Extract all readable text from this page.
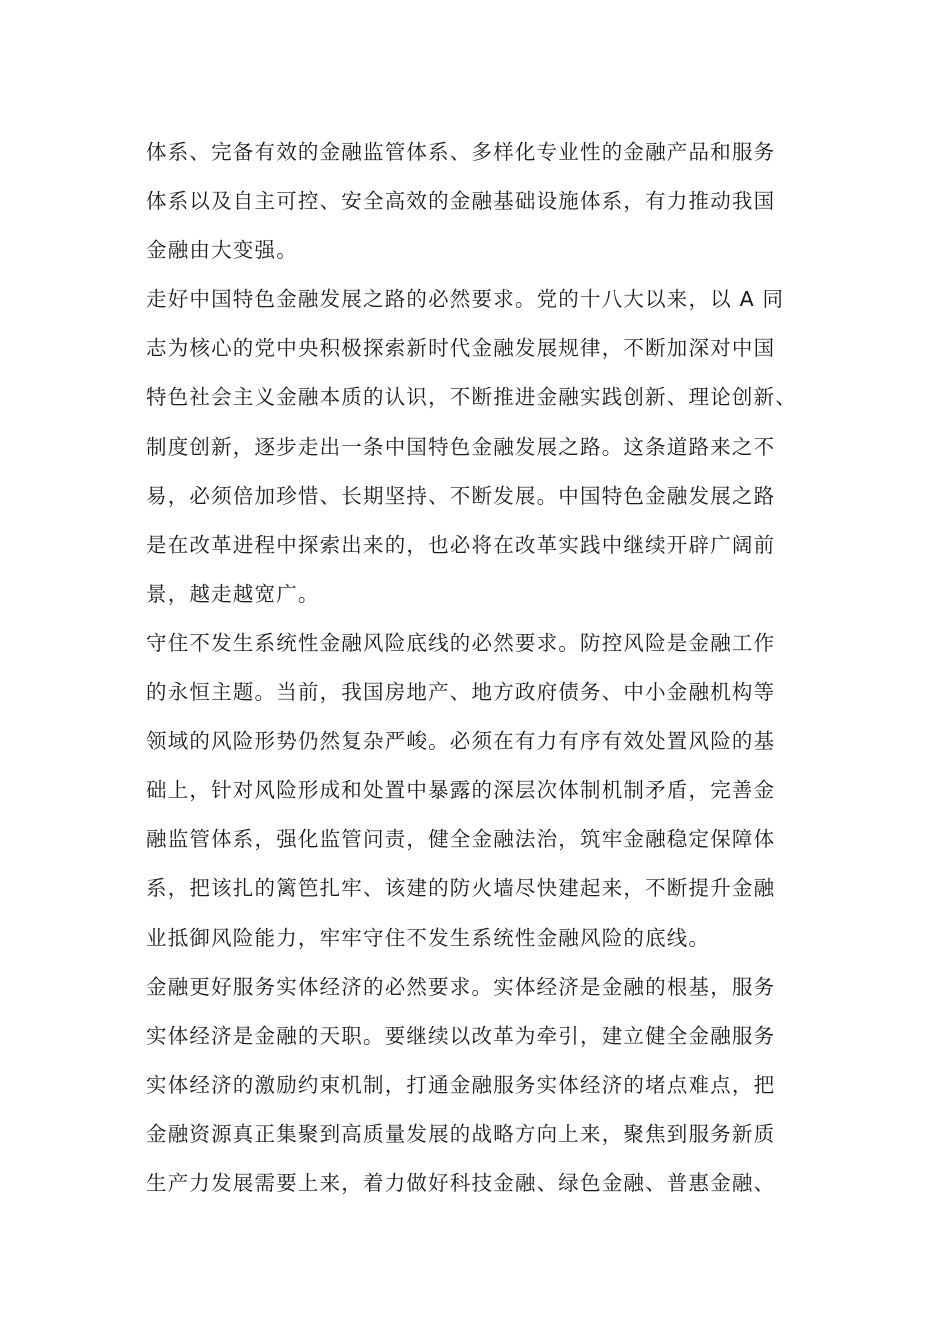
体系、完备有效的金融监管体系、多样化专业性的金融产品和服务
体系以及自主可控、安全高效的金融基础设施体系，有力推动我国
金融由大变强。
走好中国特色金融发展之路的必然要求。党的十八大以来，以 A 同
志为核心的党中央积极探索新时代金融发展规律，不断加深对中国
特色社会主义金融本质的认识，不断推进金融实践创新、理论创新、
制度创新，逐步走出一条中国特色金融发展之路。这条道路来之不
易，必须倍加珍惜、长期坚持、不断发展。中国特色金融发展之路
是在改革进程中探索出来的，也必将在改革实践中继续开辟广阔前
景，越走越宽广。
守住不发生系统性金融风险底线的必然要求。防控风险是金融工作
的永恒主题。当前，我国房地产、地方政府债务、中小金融机构等
领域的风险形势仍然复杂严峻。必须在有力有序有效处置风险的基
础上，针对风险形成和处置中暴露的深层次体制机制矛盾，完善金
融监管体系，强化监管问责，健全金融法治，筑牢金融稳定保障体
系，把该扎的篱笆扎牢、该建的防火墙尽快建起来，不断提升金融
业抵御风险能力，牢牢守住不发生系统性金融风险的底线。
金融更好服务实体经济的必然要求。实体经济是金融的根基，服务
实体经济是金融的天职。要继续以改革为牵引，建立健全金融服务
实体经济的激励约束机制，打通金融服务实体经济的堵点难点，把
金融资源真正集聚到高质量发展的战略方向上来，聚焦到服务新质
生产力发展需要上来，着力做好科技金融、绿色金融、普惠金融、
